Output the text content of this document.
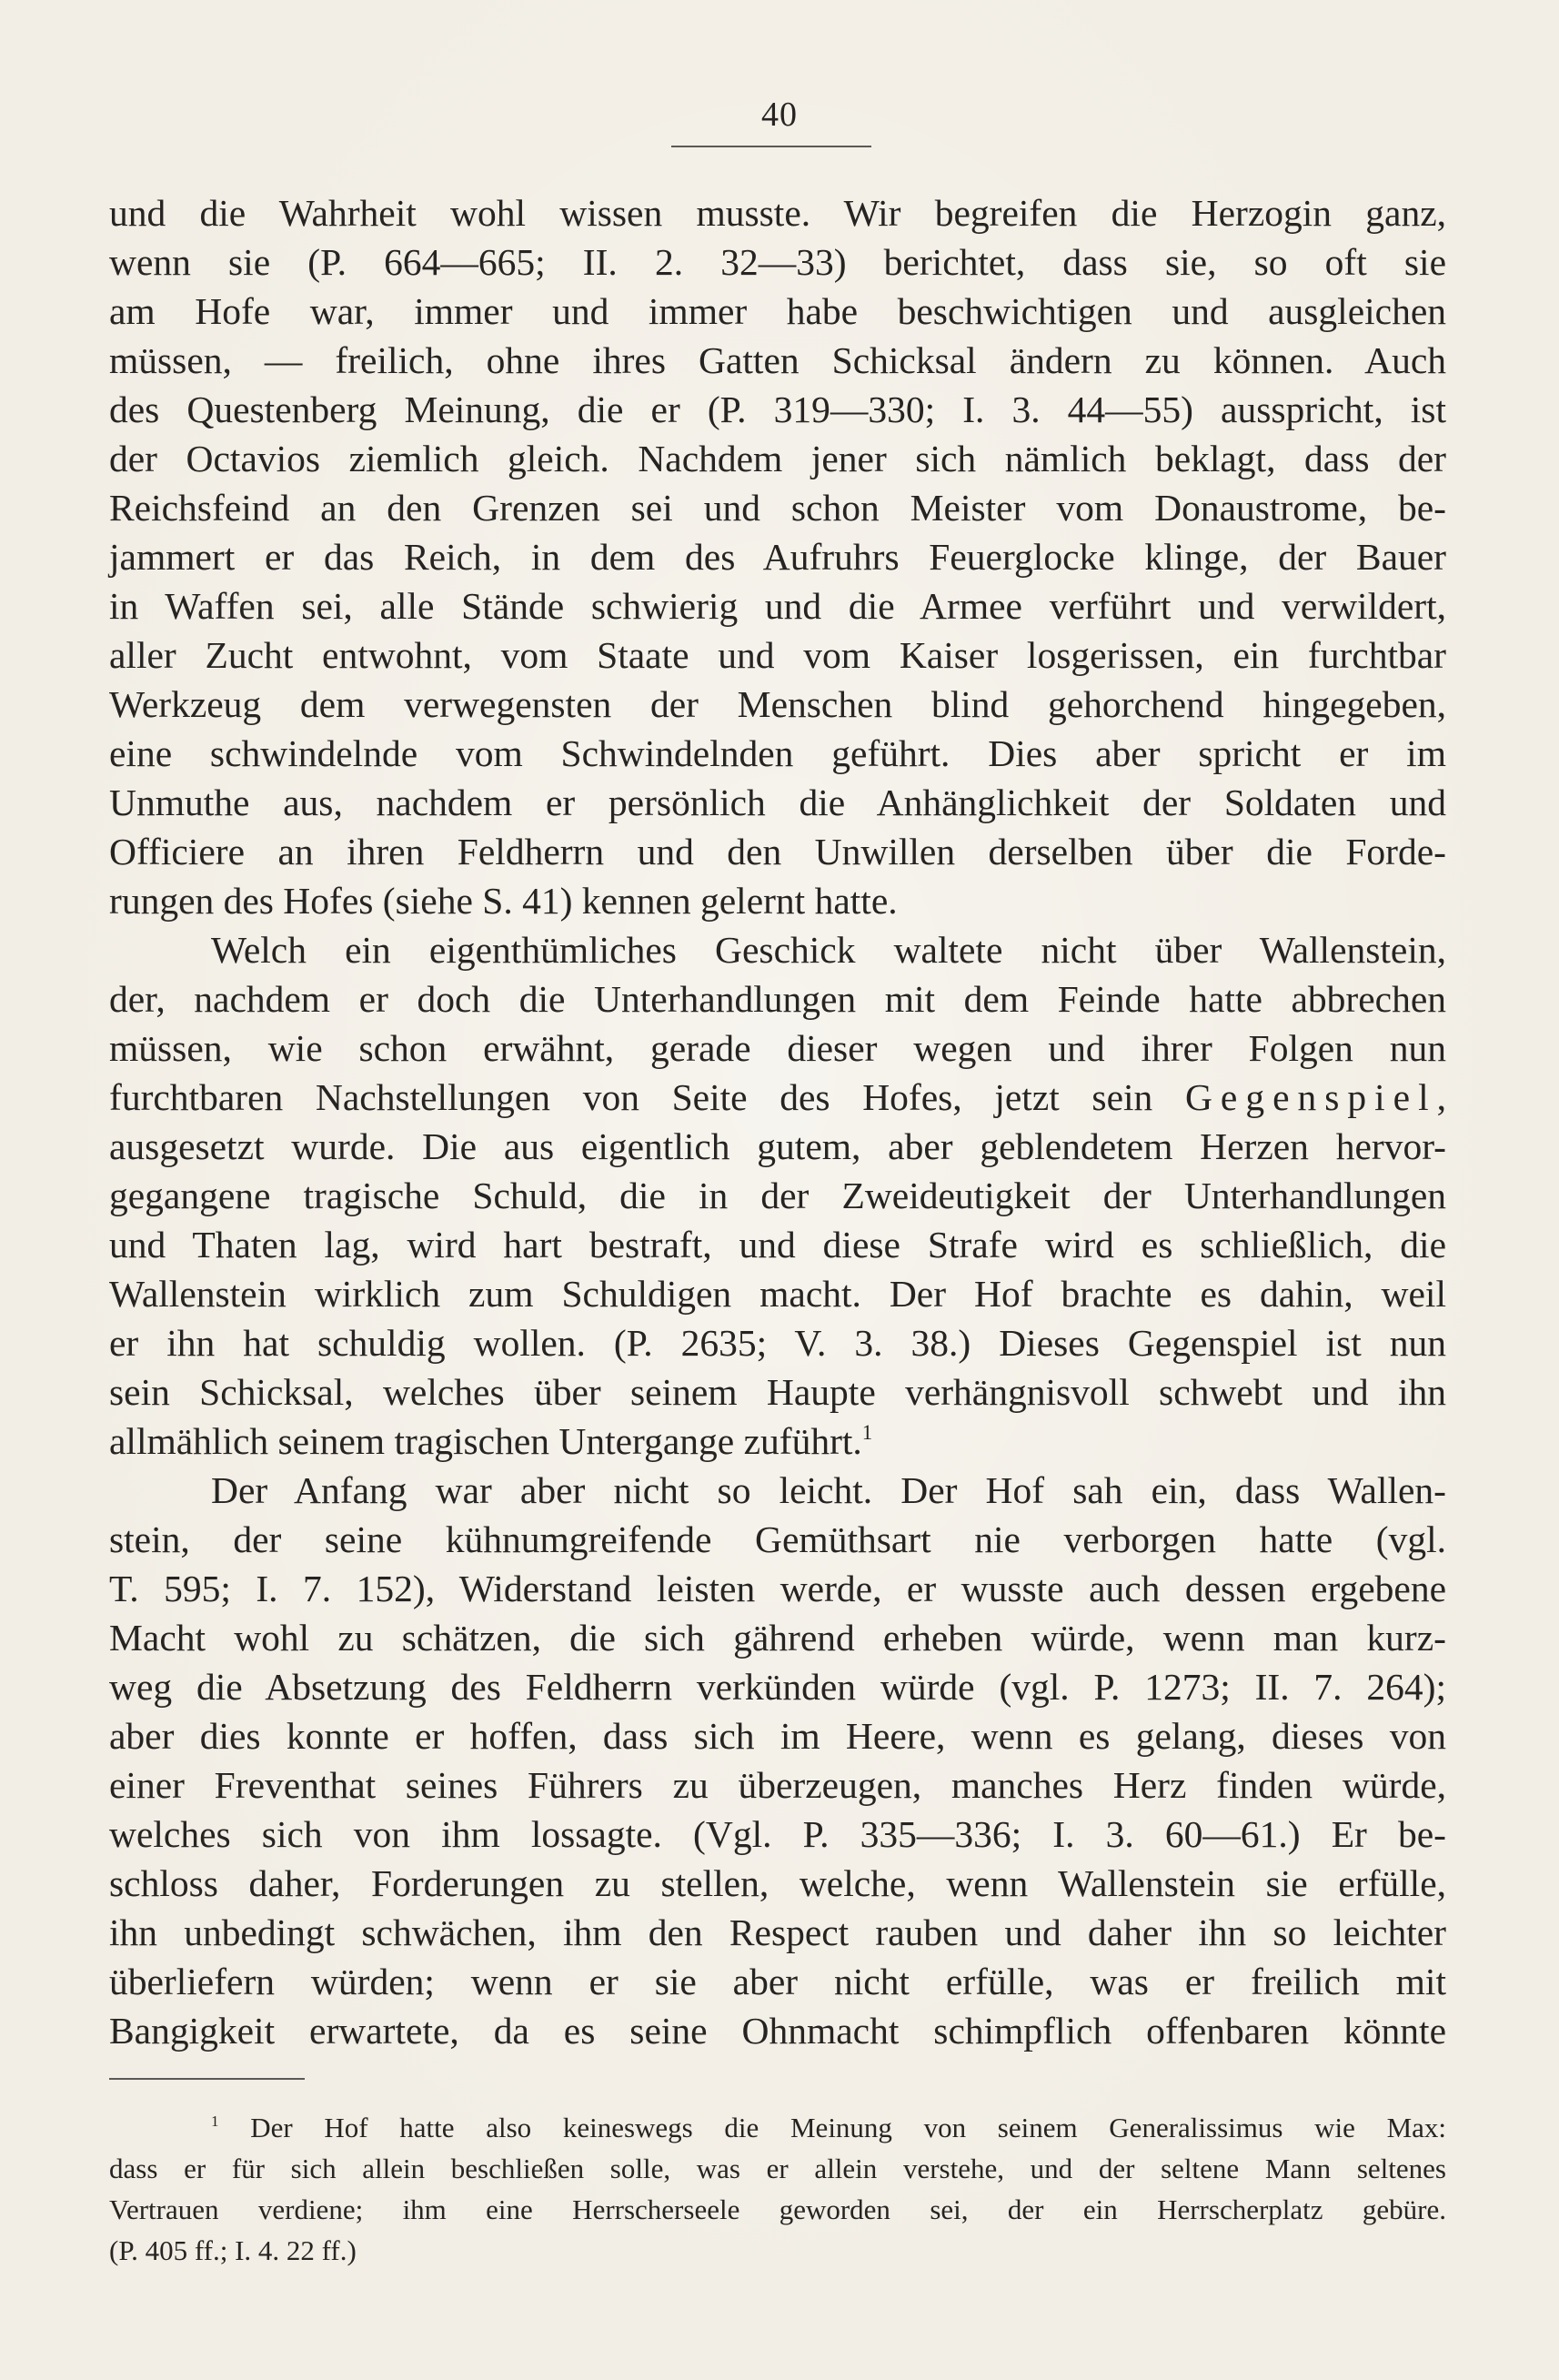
40
und die Wahrheit wohl wissen musste. Wir begreifen die Herzogin ganz,
wenn sie (P. 664—665; II. 2. 32—33) berichtet, dass sie, so oft sie
am Hofe war, immer und immer habe beschwichtigen und ausgleichen
müssen, — freilich, ohne ihres Gatten Schicksal ändern zu können. Auch
des Questenberg Meinung, die er (P. 319—330; I. 3. 44—55) ausspricht, ist
der Octavios ziemlich gleich. Nachdem jener sich nämlich beklagt, dass der
Reichsfeind an den Grenzen sei und schon Meister vom Donaustrome, be-
jammert er das Reich, in dem des Aufruhrs Feuerglocke klinge, der Bauer
in Waffen sei, alle Stände schwierig und die Armee verführt und verwildert,
aller Zucht entwohnt, vom Staate und vom Kaiser losgerissen, ein furchtbar
Werkzeug dem verwegensten der Menschen blind gehorchend hingegeben,
eine schwindelnde vom Schwindelnden geführt. Dies aber spricht er im
Unmuthe aus, nachdem er persönlich die Anhänglichkeit der Soldaten und
Officiere an ihren Feldherrn und den Unwillen derselben über die Forde-
rungen des Hofes (siehe S. 41) kennen gelernt hatte.
Welch ein eigenthümliches Geschick waltete nicht über Wallenstein,
der, nachdem er doch die Unterhandlungen mit dem Feinde hatte abbrechen
müssen, wie schon erwähnt, gerade dieser wegen und ihrer Folgen nun
furchtbaren Nachstellungen von Seite des Hofes, jetzt sein Gegenspiel,
ausgesetzt wurde. Die aus eigentlich gutem, aber geblendetem Herzen hervor-
gegangene tragische Schuld, die in der Zweideutigkeit der Unterhandlungen
und Thaten lag, wird hart bestraft, und diese Strafe wird es schließlich, die
Wallenstein wirklich zum Schuldigen macht. Der Hof brachte es dahin, weil
er ihn hat schuldig wollen. (P. 2635; V. 3. 38.) Dieses Gegenspiel ist nun
sein Schicksal, welches über seinem Haupte verhängnisvoll schwebt und ihn
allmählich seinem tragischen Untergange zuführt.$^1$
Der Anfang war aber nicht so leicht. Der Hof sah ein, dass Wallen-
stein, der seine kühnumgreifende Gemüthsart nie verborgen hatte (vgl.
T. 595; I. 7. 152), Widerstand leisten werde, er wusste auch dessen ergebene
Macht wohl zu schätzen, die sich gährend erheben würde, wenn man kurz-
weg die Absetzung des Feldherrn verkünden würde (vgl. P. 1273; II. 7. 264);
aber dies konnte er hoffen, dass sich im Heere, wenn es gelang, dieses von
einer Freventhat seines Führers zu überzeugen, manches Herz finden würde,
welches sich von ihm lossagte. (Vgl. P. 335—336; I. 3. 60—61.) Er be-
schloss daher, Forderungen zu stellen, welche, wenn Wallenstein sie erfülle,
ihn unbedingt schwächen, ihm den Respect rauben und daher ihn so leichter
überliefern würden; wenn er sie aber nicht erfülle, was er freilich mit
Bangigkeit erwartete, da es seine Ohnmacht schimpflich offenbaren könnte
$^1$ Der Hof hatte also keineswegs die Meinung von seinem Generalissimus wie Max:
dass er für sich allein beschließen solle, was er allein verstehe, und der seltene Mann seltenes
Vertrauen verdiene; ihm eine Herrscherseele geworden sei, der ein Herrscherplatz gebüre.
(P. 405 ff.; I. 4. 22 ff.)
